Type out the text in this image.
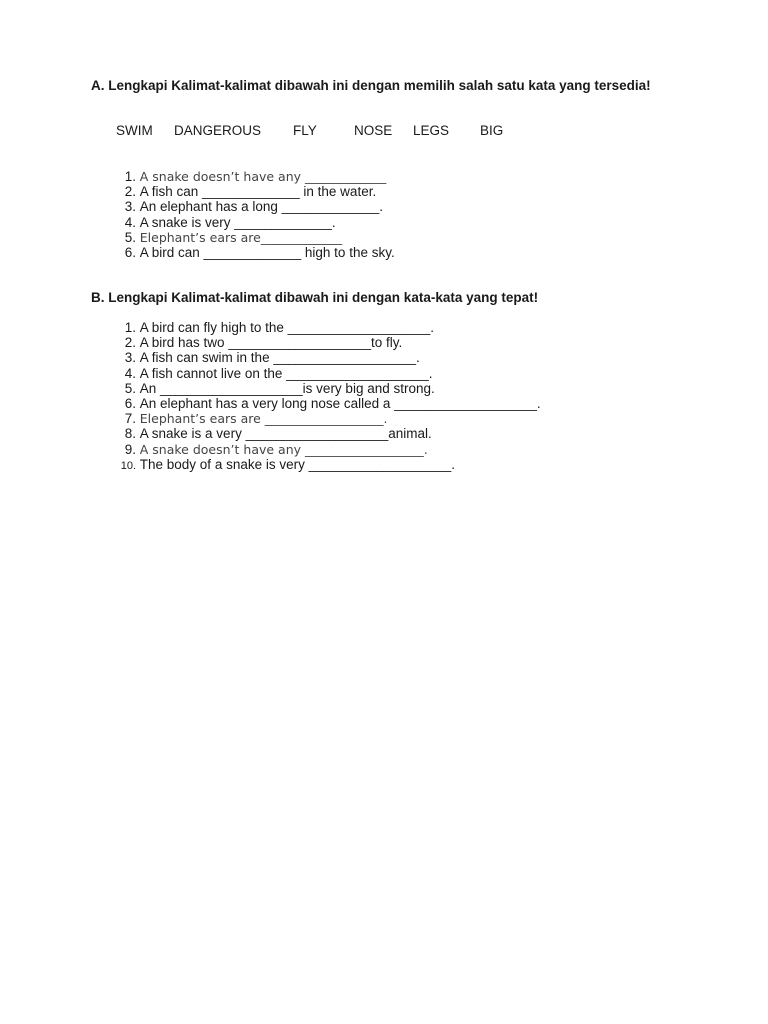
A. Lengkapi Kalimat-kalimat dibawah ini dengan memilih salah satu kata yang tersedia!
SWIM DANGEROUS FLY	NOSE LEGS BIG
1. A snake doesn’t have any _____________
2. A fish can _____________ in the water.
3. An elephant has a long _____________.
4. A snake is very _____________.
5. Elephant’s ears are_____________
6. A bird can _____________ high to the sky.
B. Lengkapi Kalimat-kalimat dibawah ini dengan kata-kata yang tepat!
1. A bird can fly high to the ___________________.
2. A bird has two ___________________to fly.
3. A fish can swim in the ___________________.
4. A fish cannot live on the ___________________.
5. An ___________________is very big and strong.
6. An elephant has a very long nose called a ___________________.
7. Elephant’s ears are ___________________.
8. A snake is a very ___________________animal.
9. A snake doesn’t have any ___________________.
10. The body of a snake is very ___________________.
